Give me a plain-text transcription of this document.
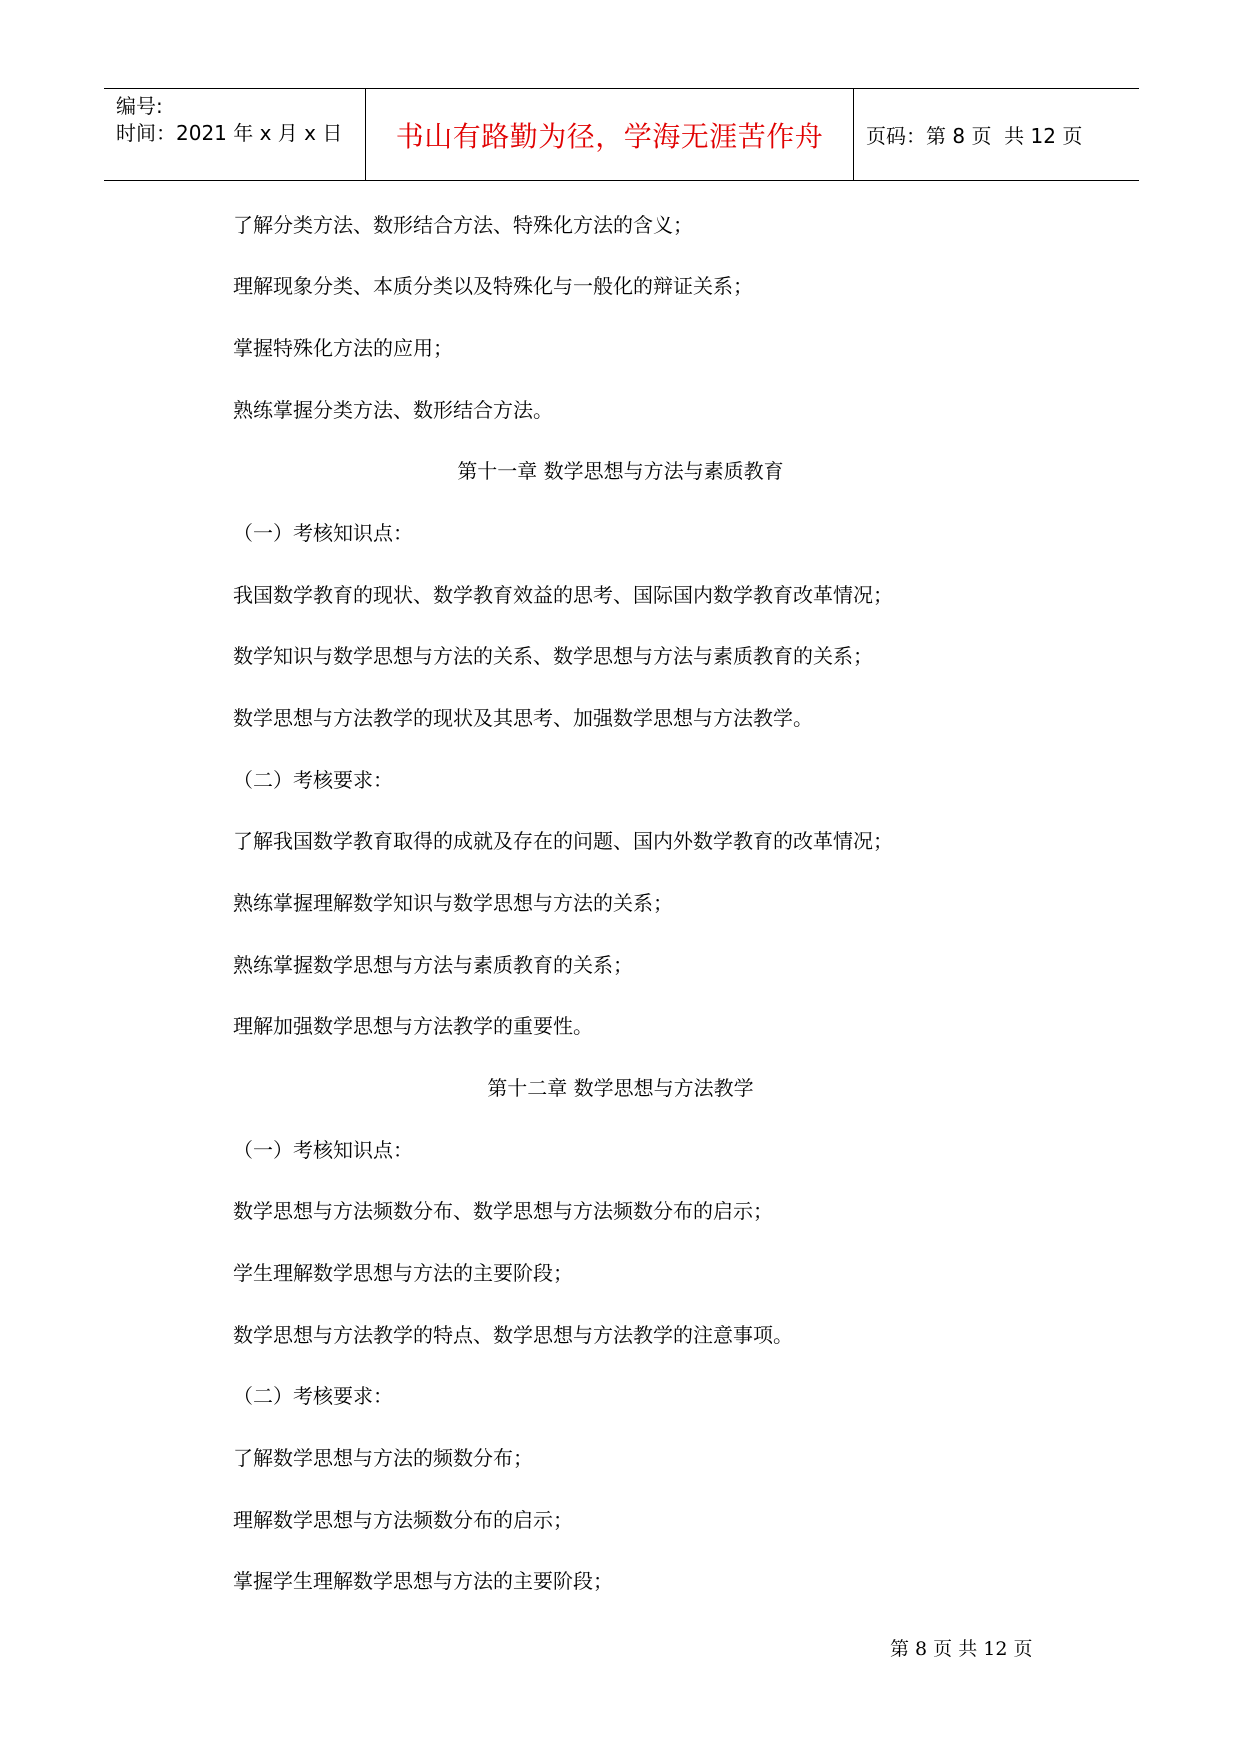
编号:
时间：2021 年 x 月 x 日	书山有路勤为径，学海无涯苦作舟	页码：第 8 页  共 12 页
了解分类方法、数形结合方法、特殊化方法的含义；
理解现象分类、本质分类以及特殊化与一般化的辩证关系；
掌握特殊化方法的应用；
熟练掌握分类方法、数形结合方法。
第十一章 数学思想与方法与素质教育
（一）考核知识点：
我国数学教育的现状、数学教育效益的思考、国际国内数学教育改革情况；
数学知识与数学思想与方法的关系、数学思想与方法与素质教育的关系；
数学思想与方法教学的现状及其思考、加强数学思想与方法教学。
（二）考核要求：
了解我国数学教育取得的成就及存在的问题、国内外数学教育的改革情况；
熟练掌握理解数学知识与数学思想与方法的关系；
熟练掌握数学思想与方法与素质教育的关系；
理解加强数学思想与方法教学的重要性。
第十二章 数学思想与方法教学
（一）考核知识点：
数学思想与方法频数分布、数学思想与方法频数分布的启示；
学生理解数学思想与方法的主要阶段；
数学思想与方法教学的特点、数学思想与方法教学的注意事项。
（二）考核要求：
了解数学思想与方法的频数分布；
理解数学思想与方法频数分布的启示；
掌握学生理解数学思想与方法的主要阶段；
第 8 页 共 12 页
